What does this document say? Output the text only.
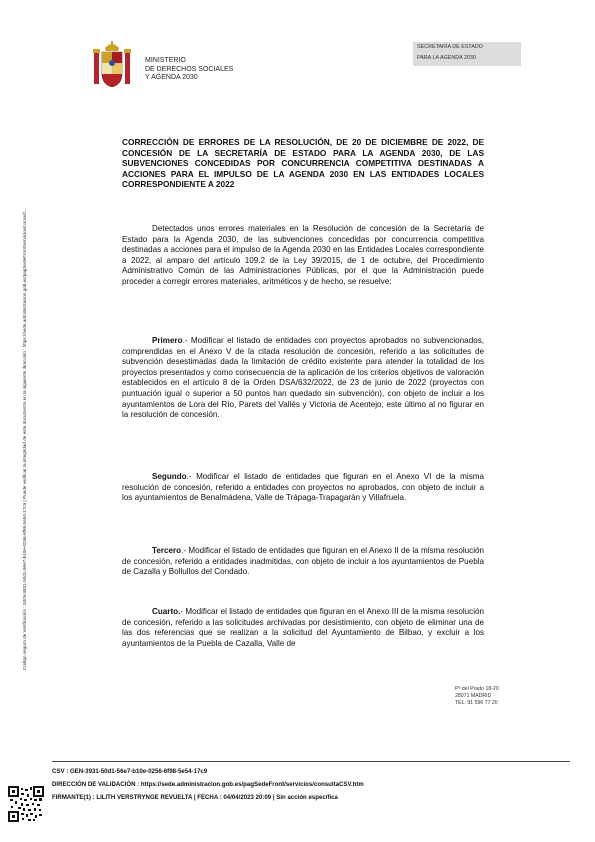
MINISTERIO
DE DERECHOS SOCIALES
Y AGENDA 2030
SECRETARÍA DE ESTADO
PARA LA AGENDA 2030
Código seguro de Verificación : GEN-3931-50d1-56e7-b10e-0256-6f98-5e54-17c9 | Puede verificar la integridad de este documento en la siguiente dirección : https://sede.administracion.gob.es/pagSedeFront/servicios/consult...

CORRECCIÓN DE ERRORES DE LA RESOLUCIÓN, DE 20 DE DICIEMBRE DE 2022, DE CONCESIÓN DE LA SECRETARÍA DE ESTADO PARA LA AGENDA 2030, DE LAS SUBVENCIONES CONCEDIDAS POR CONCURRENCIA COMPETITIVA DESTINADAS A ACCIONES PARA EL IMPULSO DE LA AGENDA 2030 EN LAS ENTIDADES LOCALES CORRESPONDIENTE A 2022

Detectados unos errores materiales en la Resolución de concesión de la Secretaría de Estado para la Agenda 2030, de las subvenciones concedidas por concurrencia competitiva destinadas a acciones para el impulso de la Agenda 2030 en las Entidades Locales correspondiente a 2022, al amparo del artículo 109.2 de la Ley 39/2015, de 1 de octubre, del Procedimiento Administrativo Común de las Administraciones Públicas, por el que la Administración puede proceder a corregir errores materiales, aritméticos y de hecho, se resuelve:

Primero.- Modificar el listado de entidades con proyectos aprobados no subvencionados, comprendidas en el Anexo V de la citada resolución de concesión, referido a las solicitudes de subvención desestimadas dada la limitación de crédito existente para atender la totalidad de los proyectos presentados y como consecuencia de la aplicación de los criterios objetivos de valoración establecidos en el artículo 8 de la Orden DSA/632/2022, de 23 de junio de 2022 (proyectos con puntuación igual o superior a 50 puntos han quedado sin subvención), con objeto de incluir a los ayuntamientos de Lora del Río, Parets del Vallés y Victoria de Acentejo, este último al no figurar en la resolución de concesión.

Segundo.- Modificar el listado de entidades que figuran en el Anexo VI de la misma resolución de concesión, referido a entidades con proyectos no aprobados, con objeto de incluir a los ayuntamientos de Benalmádena, Valle de Trápaga-Trapagarán y Villafruela.

Tercero.- Modificar el listado de entidades que figuran en el Anexo II de la misma resolución de concesión, referido a entidades inadmitidas, con objeto de incluir a los ayuntamientos de Puebla de Cazalla y Bollullos del Condado.

Cuarto.- Modificar el listado de entidades que figuran en el Anexo III de la misma resolución de concesión, referido a las solicitudes archivadas por desistimiento, con objeto de eliminar una de las dos referencias que se realizan a la solicitud del Ayuntamiento de Bilbao, y excluir a los ayuntamientos de la Puebla de Cazalla, Valle de

Pº del Prado 18-20
28071 MADRID
TEL: 91 596 77 20
CSV : GEN-3931-50d1-56e7-b10e-0256-6f98-5e54-17c9
DIRECCIÓN DE VALIDACIÓN : https://sede.administracion.gob.es/pagSedeFront/servicios/consultaCSV.htm
FIRMANTE(1) : LILITH VERSTRYNGE REVUELTA | FECHA : 04/04/2023 20:09 | Sin acción específica
